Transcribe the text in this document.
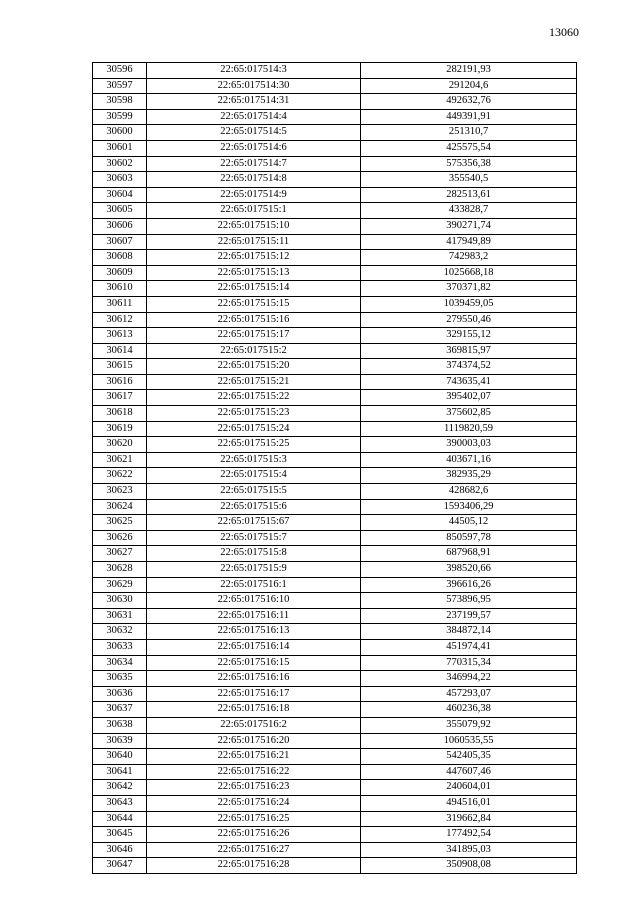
13060
30596	22:65:017514:3	282191,93
30597	22:65:017514:30	291204,6
30598	22:65:017514:31	492632,76
30599	22:65:017514:4	449391,91
30600	22:65:017514:5	251310,7
30601	22:65:017514:6	425575,54
30602	22:65:017514:7	575356,38
30603	22:65:017514:8	355540,5
30604	22:65:017514:9	282513,61
30605	22:65:017515:1	433828,7
30606	22:65:017515:10	390271,74
30607	22:65:017515:11	417949,89
30608	22:65:017515:12	742983,2
30609	22:65:017515:13	1025668,18
30610	22:65:017515:14	370371,82
30611	22:65:017515:15	1039459,05
30612	22:65:017515:16	279550,46
30613	22:65:017515:17	329155,12
30614	22:65:017515:2	369815,97
30615	22:65:017515:20	374374,52
30616	22:65:017515:21	743635,41
30617	22:65:017515:22	395402,07
30618	22:65:017515:23	375602,85
30619	22:65:017515:24	1119820,59
30620	22:65:017515:25	390003,03
30621	22:65:017515:3	403671,16
30622	22:65:017515:4	382935,29
30623	22:65:017515:5	428682,6
30624	22:65:017515:6	1593406,29
30625	22:65:017515:67	44505,12
30626	22:65:017515:7	850597,78
30627	22:65:017515:8	687968,91
30628	22:65:017515:9	398520,66
30629	22:65:017516:1	396616,26
30630	22:65:017516:10	573896,95
30631	22:65:017516:11	237199,57
30632	22:65:017516:13	384872,14
30633	22:65:017516:14	451974,41
30634	22:65:017516:15	770315,34
30635	22:65:017516:16	346994,22
30636	22:65:017516:17	457293,07
30637	22:65:017516:18	460236,38
30638	22:65:017516:2	355079,92
30639	22:65:017516:20	1060535,55
30640	22:65:017516:21	542405,35
30641	22:65:017516:22	447607,46
30642	22:65:017516:23	240604,01
30643	22:65:017516:24	494516,01
30644	22:65:017516:25	319662,84
30645	22:65:017516:26	177492,54
30646	22:65:017516:27	341895,03
30647	22:65:017516:28	350908,08
